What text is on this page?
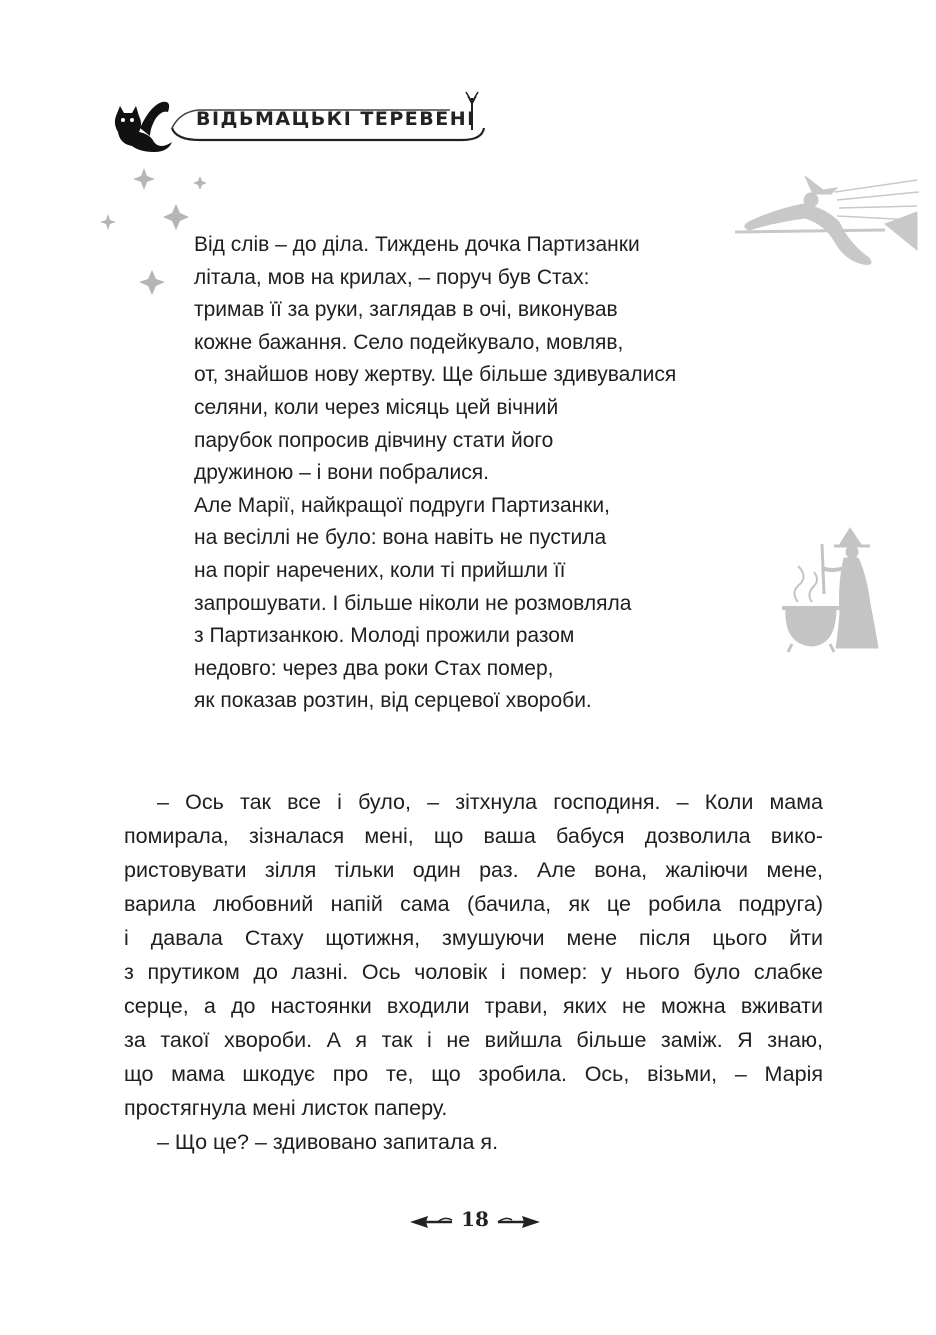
ВІДЬМАЦЬКІ ТЕРЕВЕНІ
Від слів – до діла. Тиждень дочка Партизанки
літала, мов на крилах, – поруч був Стах:
тримав її за руки, заглядав в очі, виконував
кожне бажання. Село подейкувало, мовляв,
от, знайшов нову жертву. Ще більше здивувалися
селяни, коли через місяць цей вічний
парубок попросив дівчину стати його
дружиною – і вони побралися.
Але Марії, найкращої подруги Партизанки,
на весіллі не було: вона навіть не пустила
на поріг наречених, коли ті прийшли її
запрошувати. І більше ніколи не розмовляла
з Партизанкою. Молоді прожили разом
недовго: через два роки Стах помер,
як показав розтин, від серцевої хвороби.
– Ось так все і було, – зітхнула господиня. – Коли мама
помирала, зізналася мені, що ваша бабуся дозволила вико-
ристовувати зілля тільки один раз. Але вона, жаліючи мене,
варила любовний напій сама (бачила, як це робила подруга)
і давала Стаху щотижня, змушуючи мене після цього йти
з прутиком до лазні. Ось чоловік і помер: у нього було слабке
серце, а до настоянки входили трави, яких не можна вживати
за такої хвороби. А я так і не вийшла більше заміж. Я знаю,
що мама шкодує про те, що зробила. Ось, візьми, – Марія
простягнула мені листок паперу.
– Що це? – здивовано запитала я.
18
